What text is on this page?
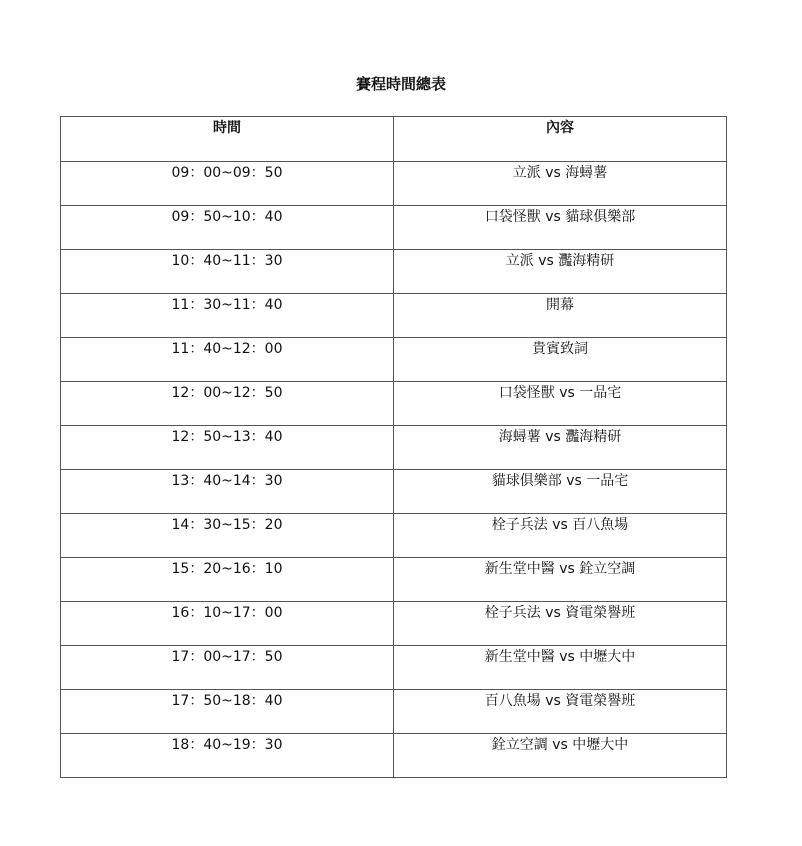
賽程時間總表
時間	內容

09：00~09：50	立派 vs 海蟳薯

09：50~10：40	口袋怪獸 vs 貓球俱樂部

10：40~11：30	立派 vs 灩海精研

11：30~11：40	開幕

11：40~12：00	貴賓致詞

12：00~12：50	口袋怪獸 vs 一品宅

12：50~13：40	海蟳薯 vs 灩海精研

13：40~14：30	貓球俱樂部 vs 一品宅

14：30~15：20	栓子兵法 vs 百八魚場

15：20~16：10	新生堂中醫 vs 銓立空調

16：10~17：00	栓子兵法 vs 資電榮譽班

17：00~17：50	新生堂中醫 vs 中壢大中

17：50~18：40	百八魚場 vs 資電榮譽班

18：40~19：30	銓立空調 vs 中壢大中
